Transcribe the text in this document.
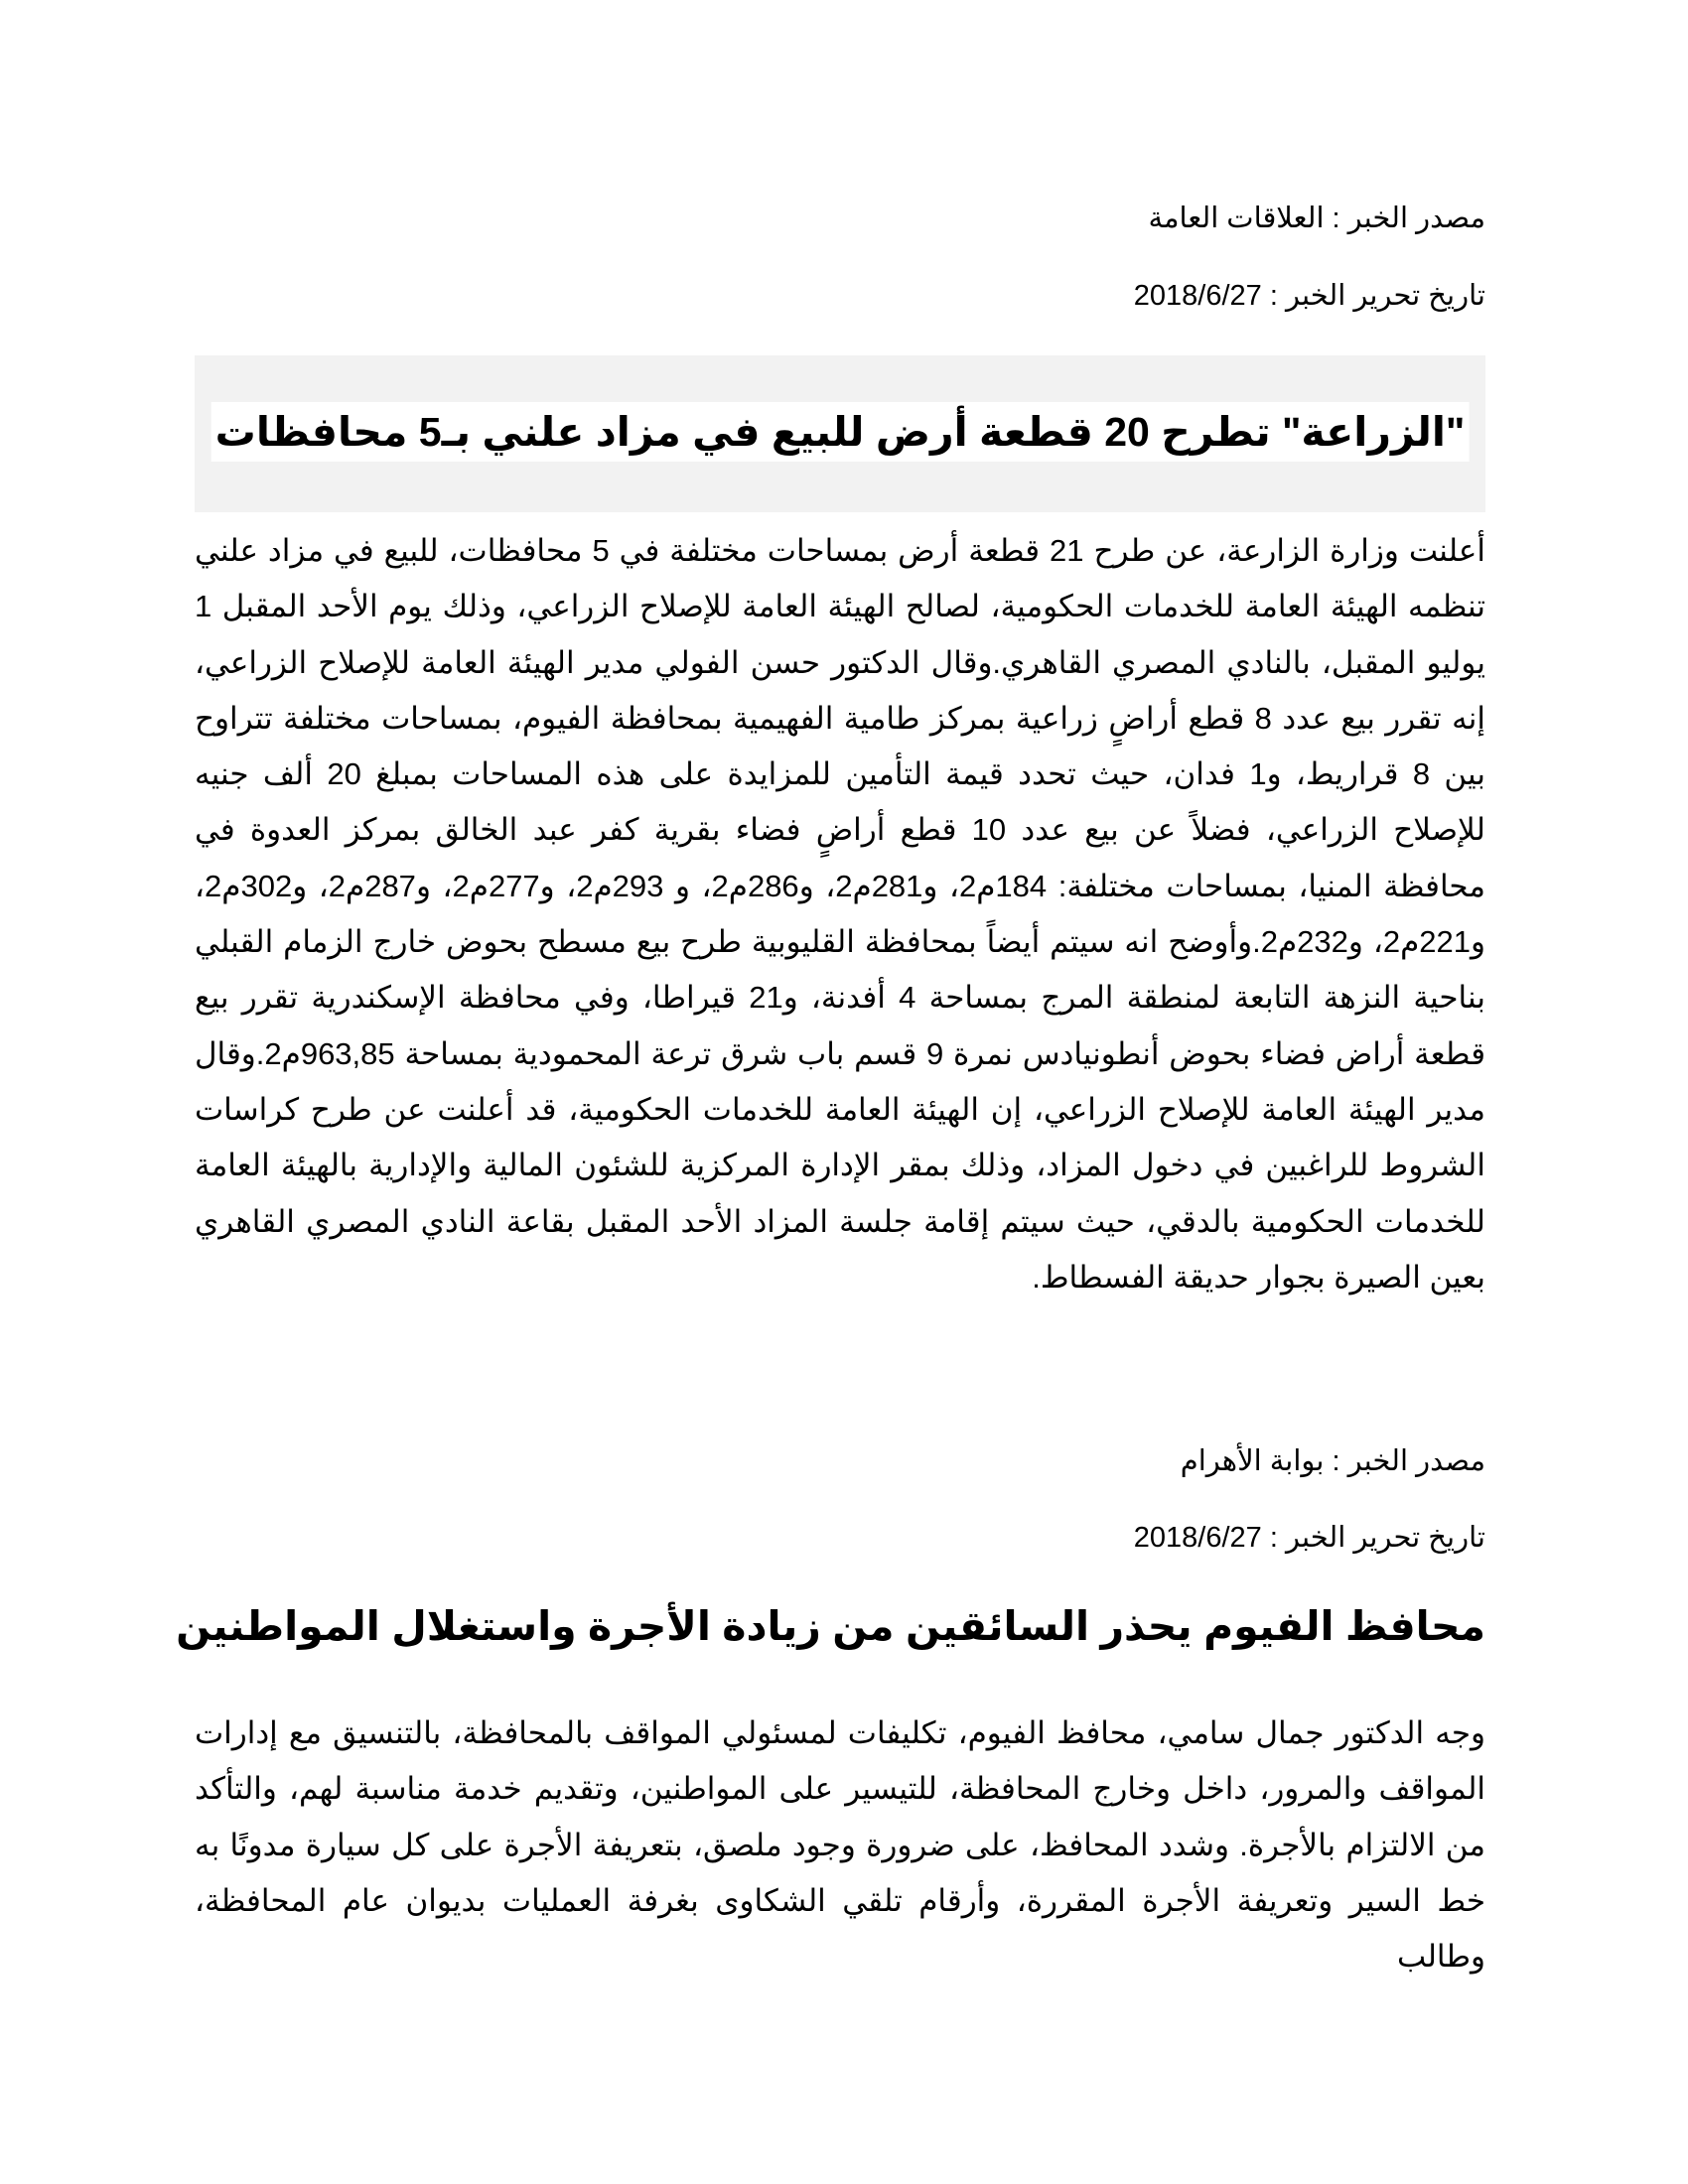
مصدر الخبر : العلاقات العامة
تاريخ تحرير الخبر : 2018/6/27
"الزراعة" تطرح 20 قطعة أرض للبيع في مزاد علني بـ5 محافظات

أعلنت وزارة الزارعة، عن طرح 21 قطعة أرض بمساحات مختلفة في 5 محافظات، للبيع في مزاد علني تنظمه الهيئة العامة للخدمات الحكومية، لصالح الهيئة العامة للإصلاح الزراعي، وذلك يوم الأحد المقبل 1 يوليو المقبل، بالنادي المصري القاهري.وقال الدكتور حسن الفولي مدير الهيئة العامة للإصلاح الزراعي، إنه تقرر بيع عدد 8 قطع أراضٍ زراعية بمركز طامية الفهيمية بمحافظة الفيوم، بمساحات مختلفة تتراوح بين 8 قراريط، و1 فدان، حيث تحدد قيمة التأمين للمزايدة على هذه المساحات بمبلغ 20 ألف جنيه للإصلاح الزراعي، فضلاً عن بيع عدد 10 قطع أراضٍ فضاء بقرية كفر عبد الخالق بمركز العدوة في محافظة المنيا، بمساحات مختلفة: 184م2، و281م2، و286م2، و 293م2، و277م2، و287م2، و302م2، و221م2، و232م2.وأوضح انه سيتم أيضاً بمحافظة القليوبية طرح بيع مسطح بحوض خارج الزمام القبلي بناحية النزهة التابعة لمنطقة المرج بمساحة 4 أفدنة، و21 قيراطا، وفي محافظة الإسكندرية تقرر بيع قطعة أراض فضاء بحوض أنطونيادس نمرة 9 قسم باب شرق ترعة المحمودية بمساحة 963,85م2.وقال مدير الهيئة العامة للإصلاح الزراعي، إن الهيئة العامة للخدمات الحكومية، قد أعلنت عن طرح كراسات الشروط للراغبين في دخول المزاد، وذلك بمقر الإدارة المركزية للشئون المالية والإدارية بالهيئة العامة للخدمات الحكومية بالدقي، حيث سيتم إقامة جلسة المزاد الأحد المقبل بقاعة النادي المصري القاهري بعين الصيرة بجوار حديقة الفسطاط.

مصدر الخبر : بوابة الأهرام
تاريخ تحرير الخبر : 2018/6/27
محافظ الفيوم يحذر السائقين من زيادة الأجرة واستغلال المواطنين

وجه الدكتور جمال سامي، محافظ الفيوم، تكليفات لمسئولي المواقف بالمحافظة، بالتنسيق مع إدارات المواقف والمرور، داخل وخارج المحافظة، للتيسير على المواطنين، وتقديم خدمة مناسبة لهم، والتأكد من الالتزام بالأجرة. وشدد المحافظ، على ضرورة وجود ملصق، بتعريفة الأجرة على كل سيارة مدونًا به خط السير وتعريفة الأجرة المقررة، وأرقام تلقي الشكاوى بغرفة العمليات بديوان عام المحافظة، وطالب
